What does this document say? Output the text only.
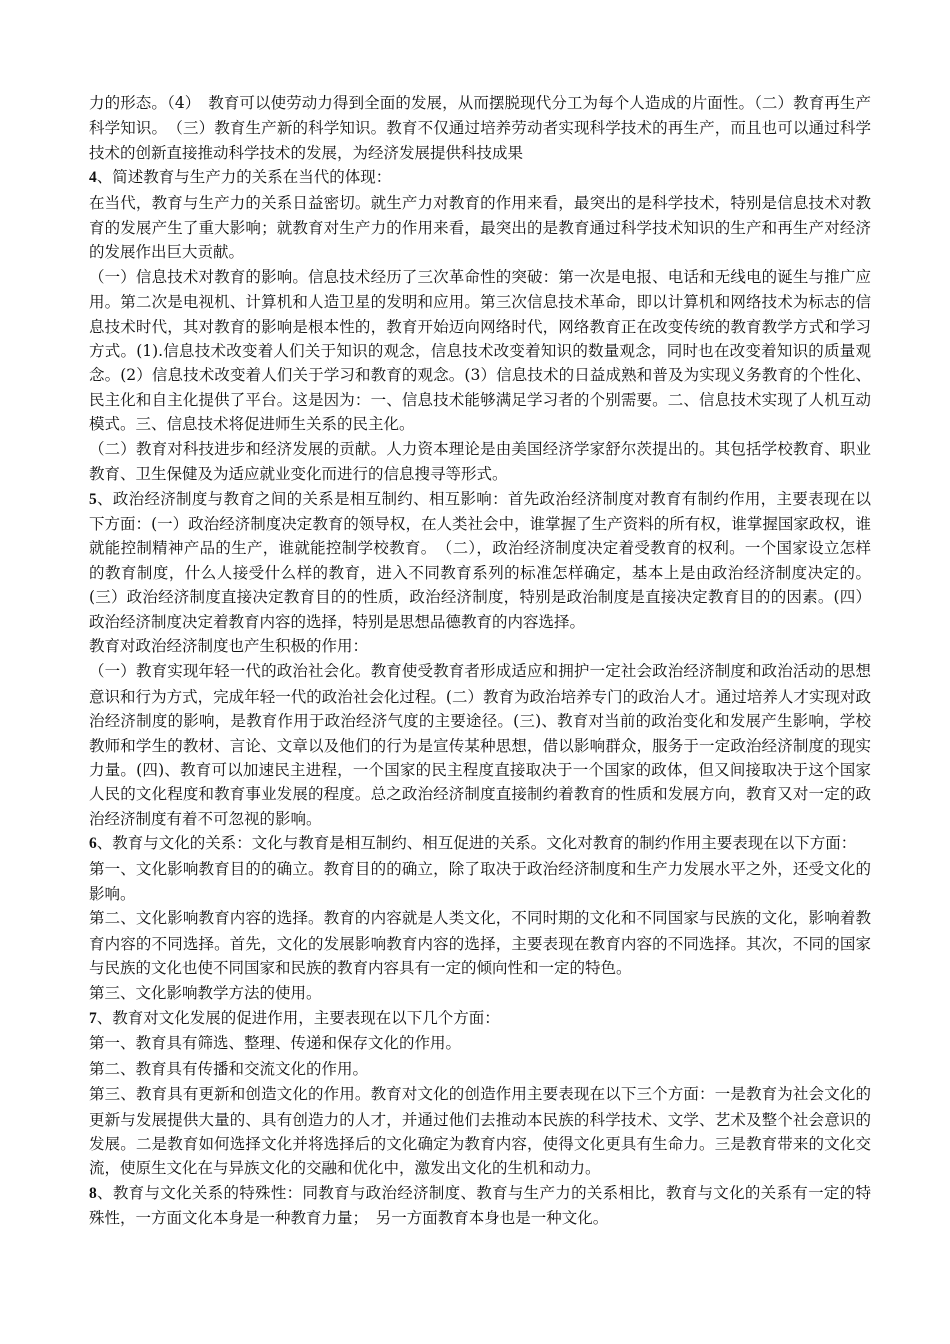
力的形态。（4）　教育可以使劳动力得到全面的发展，从而摆脱现代分工为每个人造成的片面性。（二）教育再生产科学知识。　（三）教育生产新的科学知识。教育不仅通过培养劳动者实现科学技术的再生产，而且也可以通过科学技术的创新直接推动科学技术的发展，为经济发展提供科技成果

4、简述教育与生产力的关系在当代的体现：

在当代，教育与生产力的关系日益密切。就生产力对教育的作用来看，最突出的是科学技术，特别是信息技术对教育的发展产生了重大影响；就教育对生产力的作用来看，最突出的是教育通过科学技术知识的生产和再生产对经济的发展作出巨大贡献。

（一）信息技术对教育的影响。信息技术经历了三次革命性的突破：第一次是电报、电话和无线电的诞生与推广应用。第二次是电视机、计算机和人造卫星的发明和应用。第三次信息技术革命，即以计算机和网络技术为标志的信息技术时代，其对教育的影响是根本性的，教育开始迈向网络时代，网络教育正在改变传统的教育教学方式和学习方式。(1).信息技术改变着人们关于知识的观念，信息技术改变着知识的数量观念，同时也在改变着知识的质量观念。(2）信息技术改变着人们关于学习和教育的观念。(3）信息技术的日益成熟和普及为实现义务教育的个性化、民主化和自主化提供了平台。这是因为：一、信息技术能够满足学习者的个别需要。二、信息技术实现了人机互动模式。三、信息技术将促进师生关系的民主化。

（二）教育对科技进步和经济发展的贡献。人力资本理论是由美国经济学家舒尔茨提出的。其包括学校教育、职业教育、卫生保健及为适应就业变化而进行的信息搜寻等形式。

5、政治经济制度与教育之间的关系是相互制约、相互影响：首先政治经济制度对教育有制约作用，主要表现在以下方面：(一）政治经济制度决定教育的领导权，在人类社会中，谁掌握了生产资料的所有权，谁掌握国家政权，谁就能控制精神产品的生产，谁就能控制学校教育。　（二），政治经济制度决定着受教育的权利。一个国家设立怎样的教育制度，什么人接受什么样的教育，进入不同教育系列的标准怎样确定，基本上是由政治经济制度决定的。(三）政治经济制度直接决定教育目的的性质，政治经济制度，特别是政治制度是直接决定教育目的的因素。(四）政治经济制度决定着教育内容的选择，特别是思想品德教育的内容选择。

教育对政治经济制度也产生积极的作用：

（一）教育实现年轻一代的政治社会化。教育使受教育者形成适应和拥护一定社会政治经济制度和政治活动的思想意识和行为方式，完成年轻一代的政治社会化过程。(二）教育为政治培养专门的政治人才。通过培养人才实现对政治经济制度的影响，是教育作用于政治经济气度的主要途径。(三)、教育对当前的政治变化和发展产生影响，学校教师和学生的教材、言论、文章以及他们的行为是宣传某种思想，借以影响群众，服务于一定政治经济制度的现实力量。(四)、教育可以加速民主进程，一个国家的民主程度直接取决于一个国家的政体，但又间接取决于这个国家人民的文化程度和教育事业发展的程度。总之政治经济制度直接制约着教育的性质和发展方向，教育又对一定的政治经济制度有着不可忽视的影响。

6、教育与文化的关系：文化与教育是相互制约、相互促进的关系。文化对教育的制约作用主要表现在以下方面：

第一、文化影响教育目的的确立。教育目的的确立，除了取决于政治经济制度和生产力发展水平之外，还受文化的影响。

第二、文化影响教育内容的选择。教育的内容就是人类文化，不同时期的文化和不同国家与民族的文化，影响着教育内容的不同选择。首先，文化的发展影响教育内容的选择，主要表现在教育内容的不同选择。其次，不同的国家与民族的文化也使不同国家和民族的教育内容具有一定的倾向性和一定的特色。

第三、文化影响教学方法的使用。

7、教育对文化发展的促进作用，主要表现在以下几个方面：

第一、教育具有筛选、整理、传递和保存文化的作用。

第二、教育具有传播和交流文化的作用。

第三、教育具有更新和创造文化的作用。教育对文化的创造作用主要表现在以下三个方面：一是教育为社会文化的更新与发展提供大量的、具有创造力的人才，并通过他们去推动本民族的科学技术、文学、艺术及整个社会意识的发展。二是教育如何选择文化并将选择后的文化确定为教育内容，使得文化更具有生命力。三是教育带来的文化交流，使原生文化在与异族文化的交融和优化中，激发出文化的生机和动力。

8、教育与文化关系的特殊性：同教育与政治经济制度、教育与生产力的关系相比，教育与文化的关系有一定的特殊性，一方面文化本身是一种教育力量；　另一方面教育本身也是一种文化。
